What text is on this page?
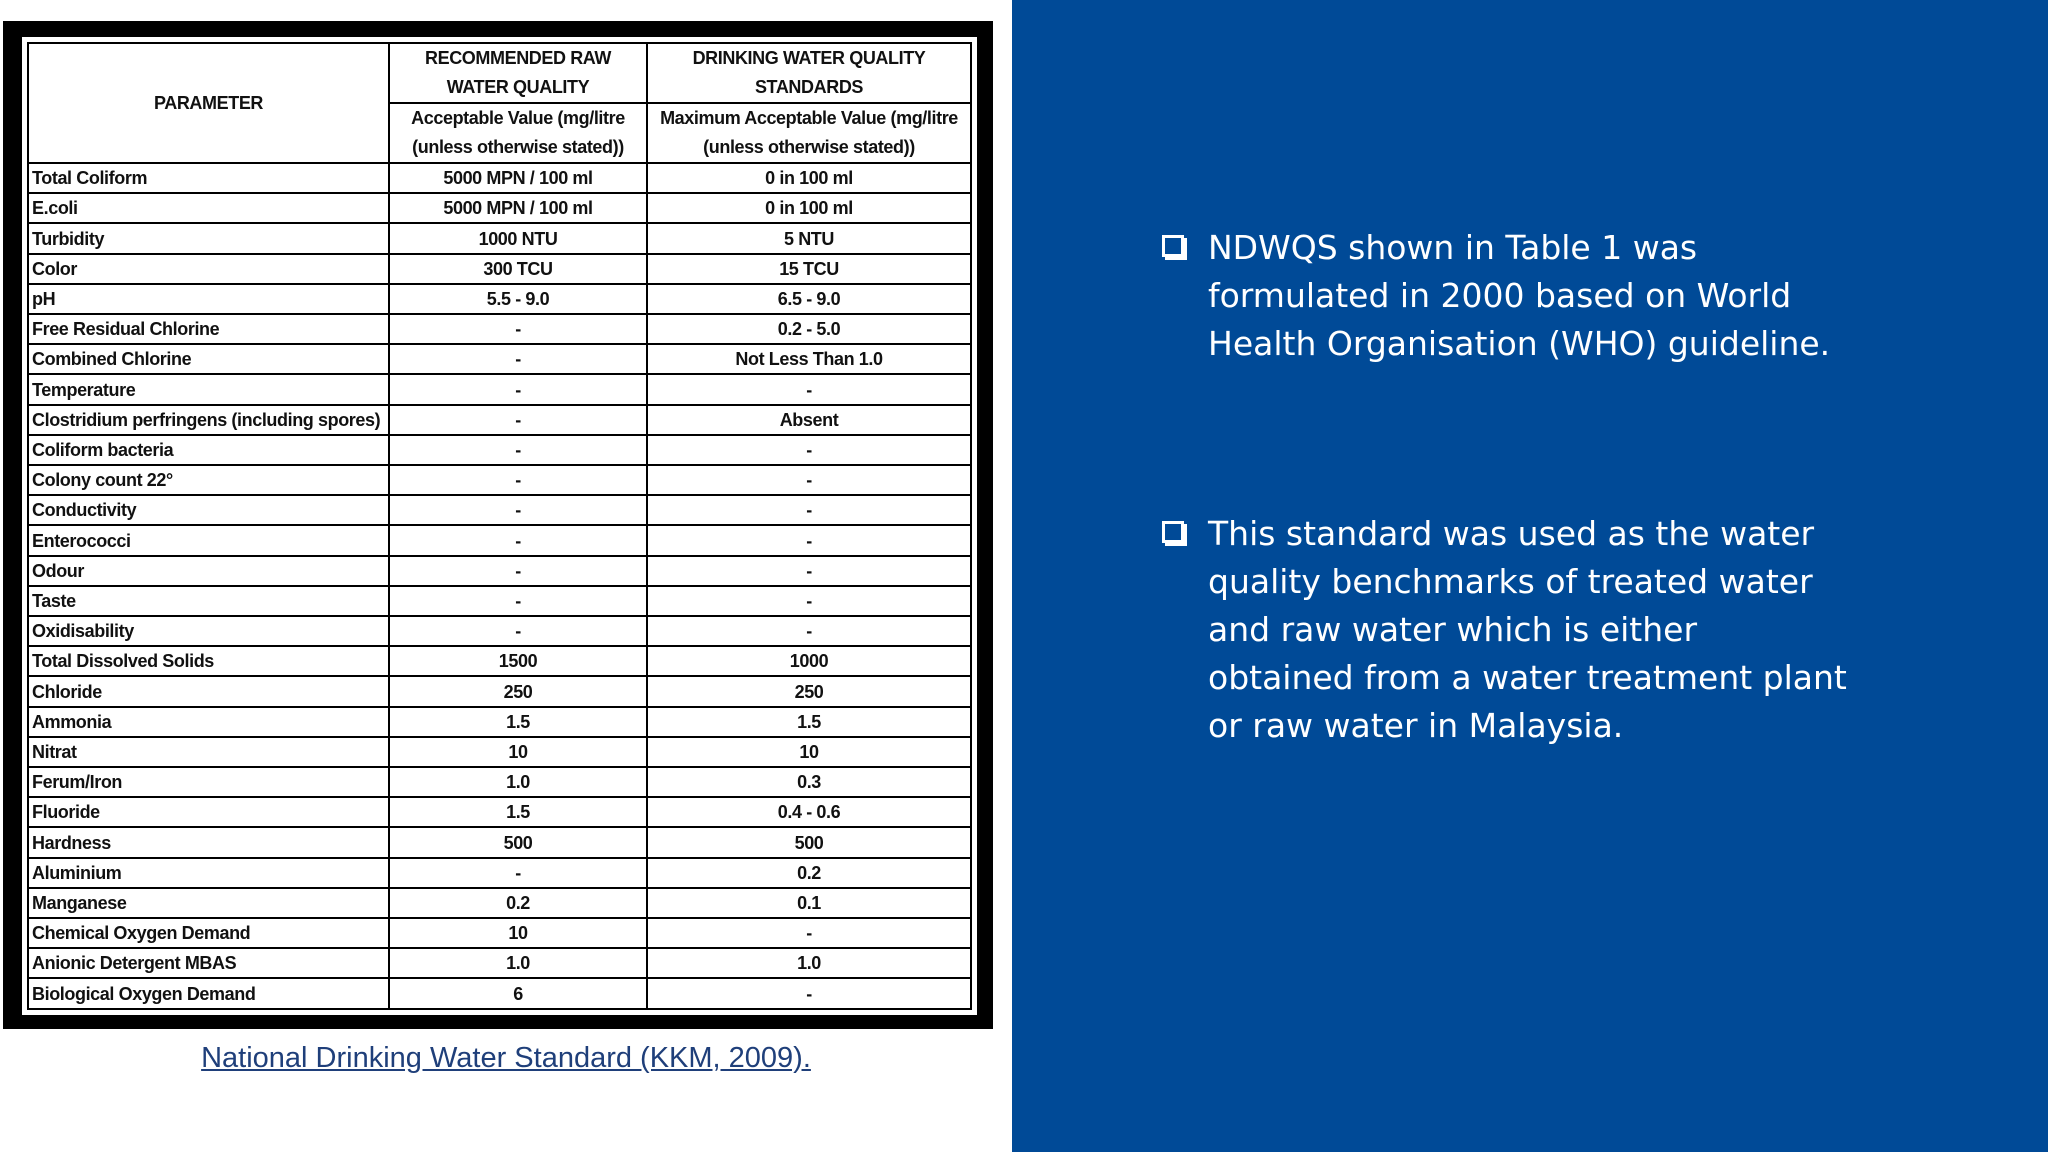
PARAMETER	RECOMMENDED RAW WATER QUALITY	DRINKING WATER QUALITY STANDARDS
	Acceptable Value (mg/litre (unless otherwise stated))	Maximum Acceptable Value (mg/litre (unless otherwise stated))
Total Coliform	5000 MPN / 100 ml	0 in 100 ml
E.coli	5000 MPN / 100 ml	0 in 100 ml
Turbidity	1000 NTU	5 NTU
Color	300 TCU	15 TCU
pH	5.5 - 9.0	6.5 - 9.0
Free Residual Chlorine	-	0.2 - 5.0
Combined Chlorine	-	Not Less Than 1.0
Temperature	-	-
Clostridium perfringens (including spores)	-	Absent
Coliform bacteria	-	-
Colony count 22°	-	-
Conductivity	-	-
Enterococci	-	-
Odour	-	-
Taste	-	-
Oxidisability	-	-
Total Dissolved Solids	1500	1000
Chloride	250	250
Ammonia	1.5	1.5
Nitrat	10	10
Ferum/Iron	1.0	0.3
Fluoride	1.5	0.4 - 0.6
Hardness	500	500
Aluminium	-	0.2
Manganese	0.2	0.1
Chemical Oxygen Demand	10	-
Anionic Detergent MBAS	1.0	1.0
Biological Oxygen Demand	6	-
National Drinking Water Standard (KKM, 2009).
NDWQS shown in Table 1 was formulated in 2000 based on World Health Organisation (WHO) guideline.
This standard was used as the water quality benchmarks of treated water and raw water which is either obtained from a water treatment plant or raw water in Malaysia.
